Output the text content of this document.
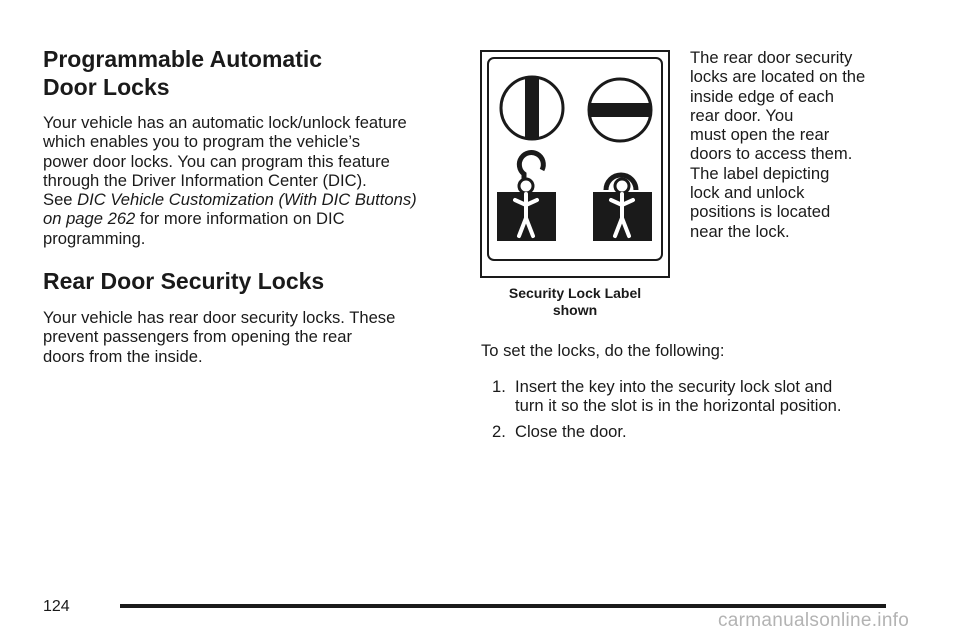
Programmable Automatic
Door Locks
Your vehicle has an automatic lock/unlock feature
which enables you to program the vehicle’s
power door locks. You can program this feature
through the Driver Information Center (DIC).
See DIC Vehicle Customization (With DIC Buttons)
on page 262 for more information on DIC
programming.
Rear Door Security Locks
Your vehicle has rear door security locks. These
prevent passengers from opening the rear
doors from the inside.
Security Lock Label
shown
The rear door security
locks are located on the
inside edge of each
rear door. You
must open the rear
doors to access them.
The label depicting
lock and unlock
positions is located
near the lock.
To set the locks, do the following:
1. Insert the key into the security lock slot and
turn it so the slot is in the horizontal position.
2. Close the door.
124
carmanualsonline.info
